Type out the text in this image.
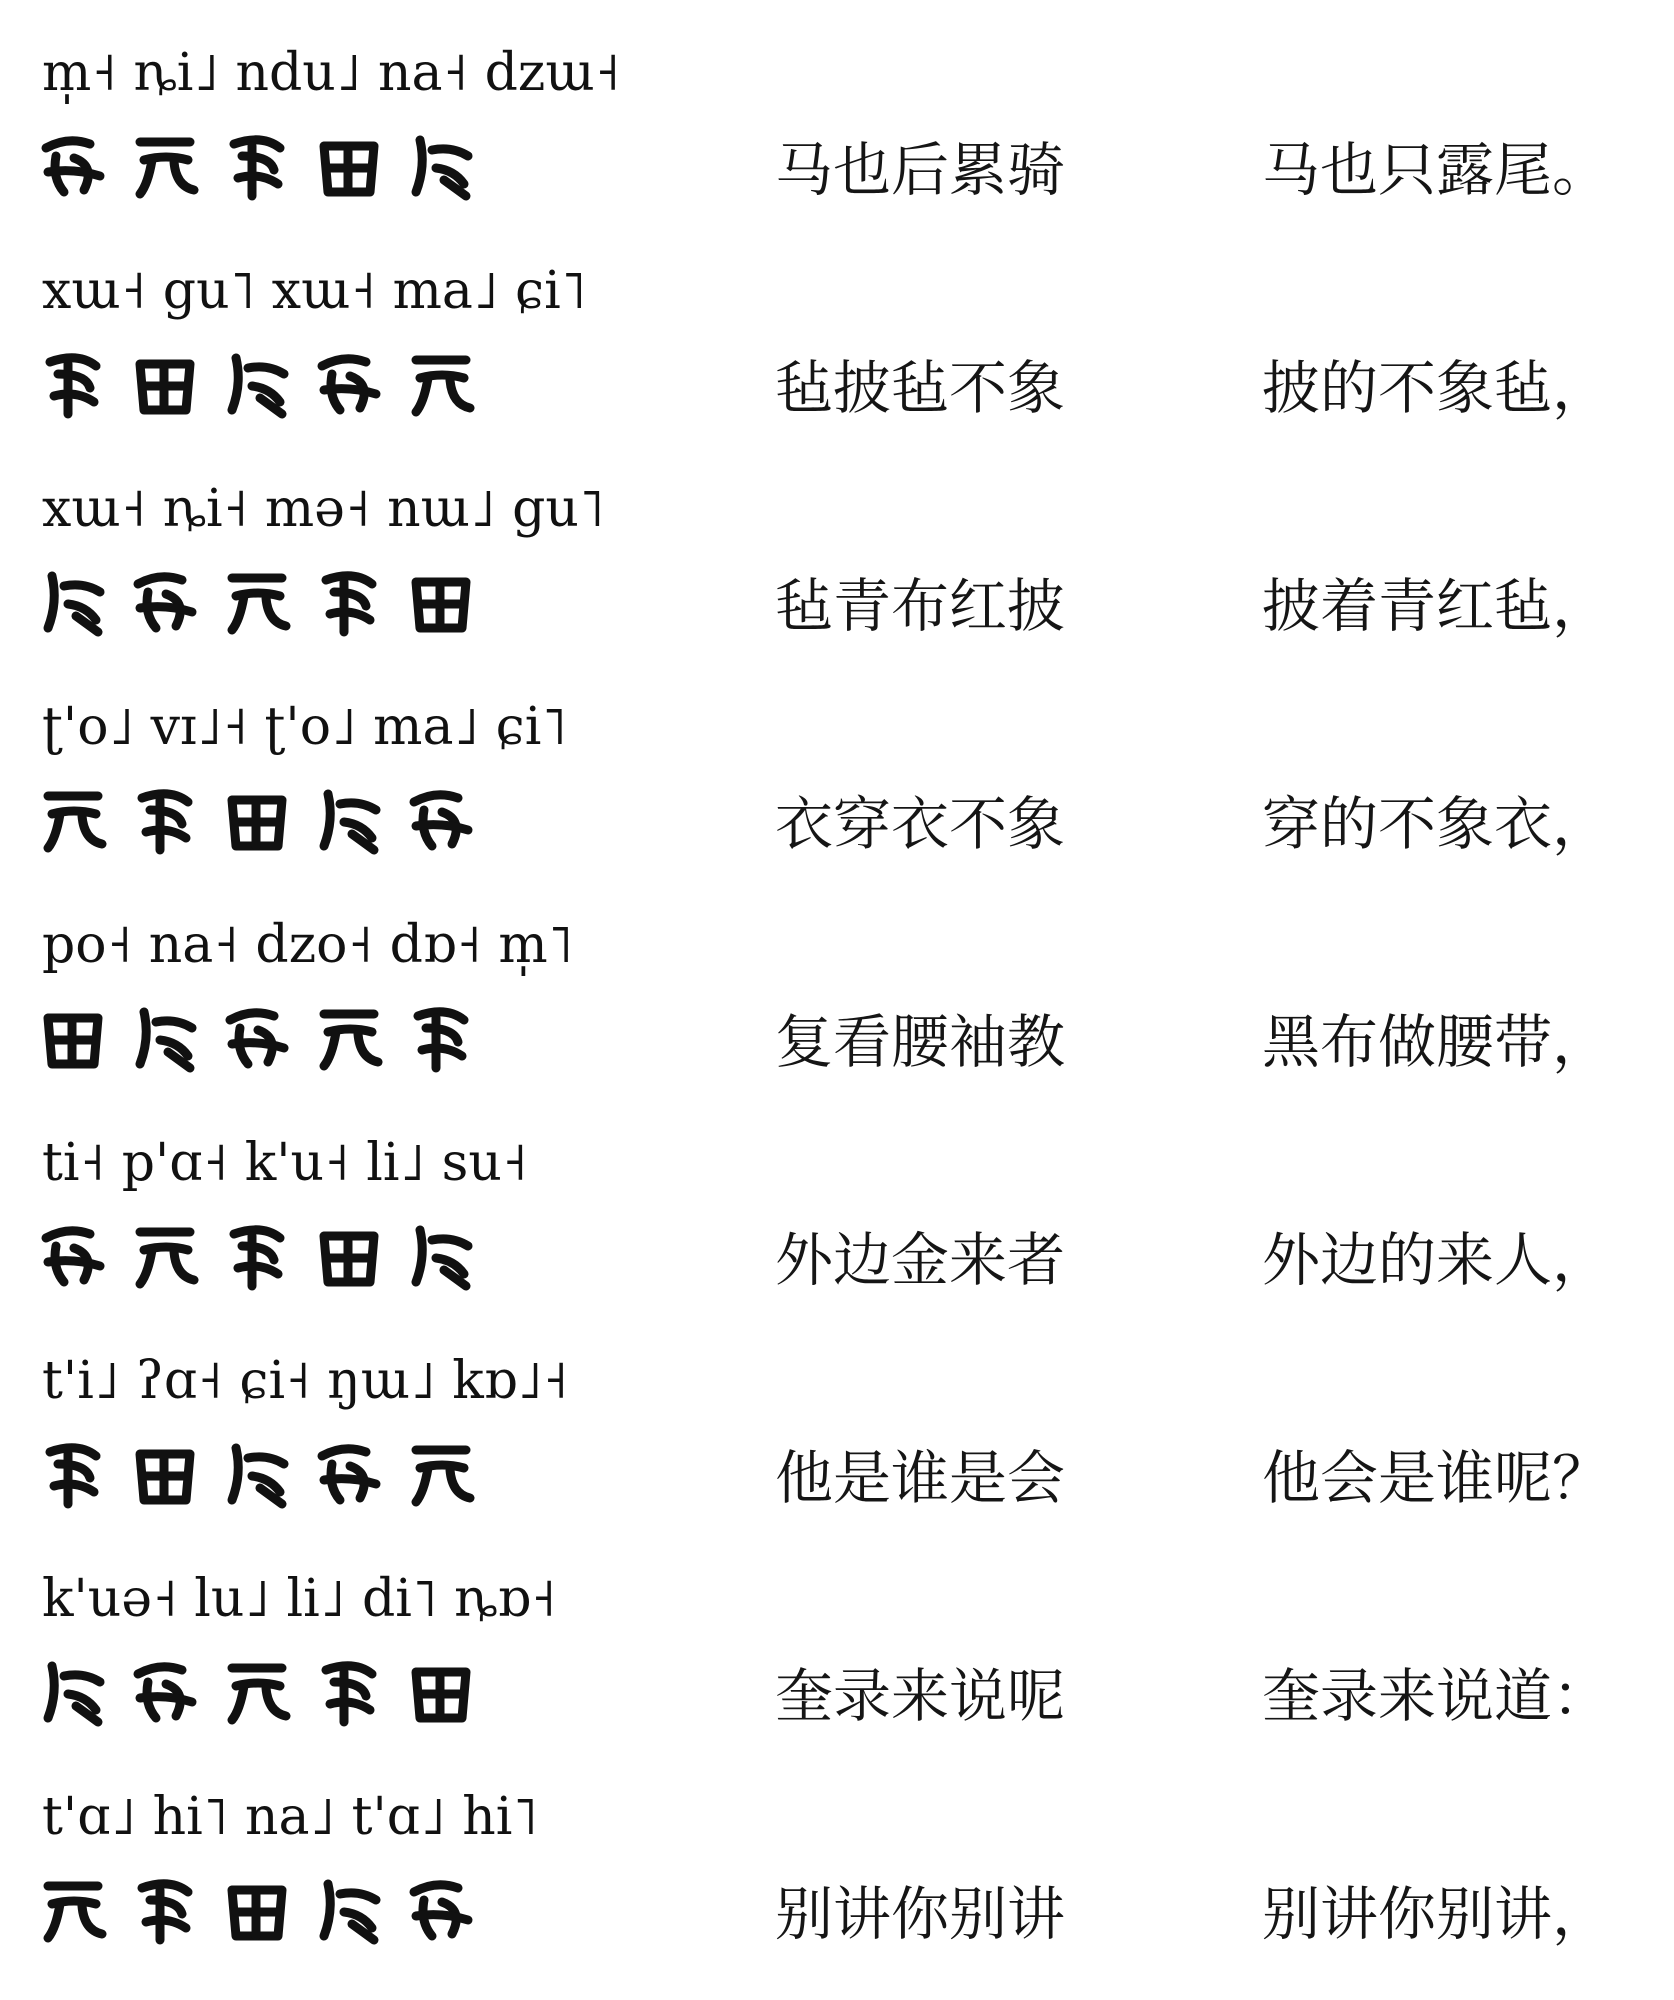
m̩˧ ȵi˩ ndu˩ na˧ dzɯ˧
马也后累骑	马也只露尾。
xɯ˧ gu˥ xɯ˧ ma˩ ɕi˥
毡披毡不象	披的不象毡，
xɯ˧ ȵi˧ mə˧ nɯ˩ gu˥
毡青布红披	披着青红毡，
ʈ'o˩ vɪ˩˧ ʈ'o˩ ma˩ ɕi˥
衣穿衣不象	穿的不象衣，
po˧ na˧ dzo˧ dɒ˧ m̩˥
复看腰袖教	黑布做腰带，
ti˧ p'ɑ˧ k'u˧ li˩ su˧
外边金来者	外边的来人，
t'i˩ ʔɑ˧ ɕi˧ ŋɯ˩ kɒ˩˧
他是谁是会	他会是谁呢？
k'uə˧ lu˩ li˩ di˥ ȵɒ˧
奎录来说呢	奎录来说道：
t'ɑ˩ hi˥ na˩ t'ɑ˩ hi˥
别讲你别讲	别讲你别讲，
